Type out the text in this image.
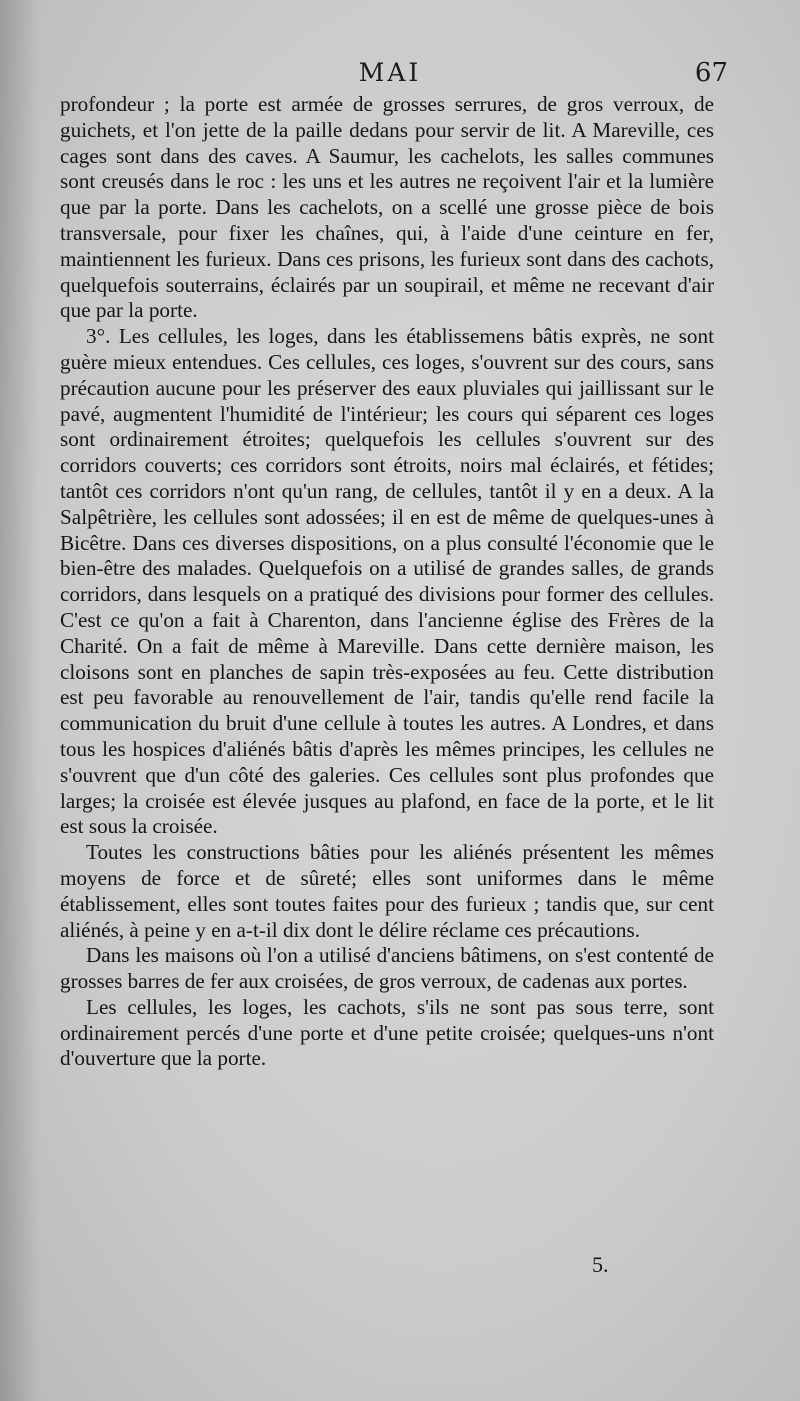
MAI	67

profondeur ; la porte est armée de grosses serrures, de gros verroux, de guichets, et l'on jette de la paille dedans pour servir de lit. A Mareville, ces cages sont dans des caves. A Saumur, les cachelots, les salles communes sont creusés dans le roc : les uns et les autres ne reçoivent l'air et la lumière que par la porte. Dans les cachelots, on a scellé une grosse pièce de bois transversale, pour fixer les chaînes, qui, à l'aide d'une ceinture en fer, maintiennent les furieux. Dans ces prisons, les furieux sont dans des cachots, quelquefois souterrains, éclairés par un soupirail, et même ne recevant d'air que par la porte.

3°. Les cellules, les loges, dans les établissemens bâtis exprès, ne sont guère mieux entendues. Ces cellules, ces loges, s'ouvrent sur des cours, sans précaution aucune pour les préserver des eaux pluviales qui jaillissant sur le pavé, augmentent l'humidité de l'intérieur; les cours qui séparent ces loges sont ordinairement étroites; quelquefois les cellules s'ouvrent sur des corridors couverts; ces corridors sont étroits, noirs mal éclairés, et fétides; tantôt ces corridors n'ont qu'un rang, de cellules, tantôt il y en a deux. A la Salpêtrière, les cellules sont adossées; il en est de même de quelques-unes à Bicêtre. Dans ces diverses dispositions, on a plus consulté l'économie que le bien-être des malades. Quelquefois on a utilisé de grandes salles, de grands corridors, dans lesquels on a pratiqué des divisions pour former des cellules. C'est ce qu'on a fait à Charenton, dans l'ancienne église des Frères de la Charité. On a fait de même à Mareville. Dans cette dernière maison, les cloisons sont en planches de sapin très-exposées au feu. Cette distribution est peu favorable au renouvellement de l'air, tandis qu'elle rend facile la communication du bruit d'une cellule à toutes les autres. A Londres, et dans tous les hospices d'aliénés bâtis d'après les mêmes principes, les cellules ne s'ouvrent que d'un côté des galeries. Ces cellules sont plus profondes que larges; la croisée est élevée jusques au plafond, en face de la porte, et le lit est sous la croisée.

Toutes les constructions bâties pour les aliénés présentent les mêmes moyens de force et de sûreté; elles sont uniformes dans le même établissement, elles sont toutes faites pour des furieux ; tandis que, sur cent aliénés, à peine y en a-t-il dix dont le délire réclame ces précautions.

Dans les maisons où l'on a utilisé d'anciens bâtimens, on s'est contenté de grosses barres de fer aux croisées, de gros verroux, de cadenas aux portes.

Les cellules, les loges, les cachots, s'ils ne sont pas sous terre, sont ordinairement percés d'une porte et d'une petite croisée; quelques-uns n'ont d'ouverture que la porte.

5.
